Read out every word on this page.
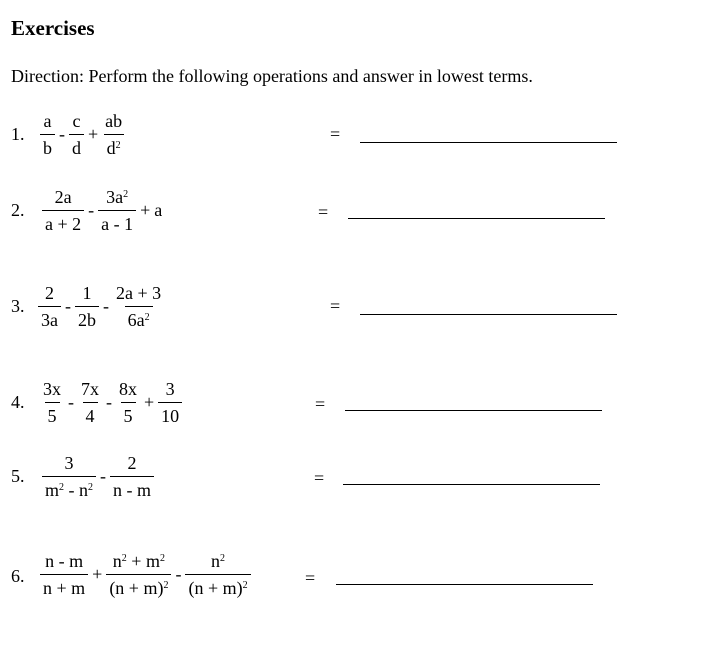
Exercises
Direction: Perform the following operations and answer in lowest terms.
1. $\frac{a}{b} - \frac{c}{d} + \frac{ab}{d^2}$	=
2. $\frac{2a}{a + 2} - \frac{3a^2}{a - 1} + a$	=
3. $\frac{2}{3a} - \frac{1}{2b} - \frac{2a + 3}{6a^2}$	=
4. $\frac{3x}{5} - \frac{7x}{4} - \frac{8x}{5} + \frac{3}{10}$	=
5. $\frac{3}{m^2 - n^2} - \frac{2}{n - m}$	=
6. $\frac{n - m}{n + m} + \frac{n^2 + m^2}{(n + m)^2} - \frac{n^2}{(n + m)^2}$	=
